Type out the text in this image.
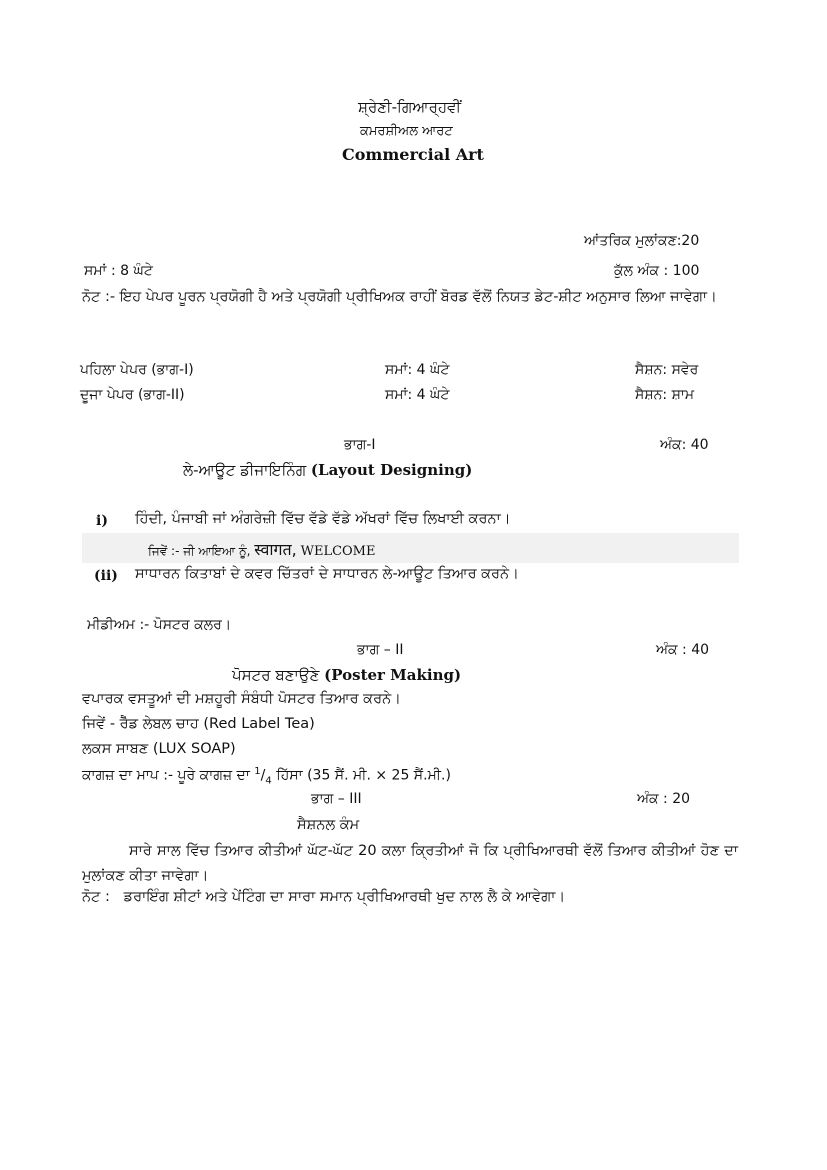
ਸ਼੍ਰੇਣੀ-ਗਿਆਰ੍ਹਵੀਂ
ਕਮਰਸ਼ੀਅਲ ਆਰਟ
Commercial Art
ਆਂਤਰਿਕ ਮੁਲਾਂਕਣ:20
ਸਮਾਂ : 8 ਘੰਟੇ	ਕੁੱਲ ਅੰਕ : 100
ਨੋਟ :- ਇਹ ਪੇਪਰ ਪੂਰਨ ਪ੍ਰਯੋਗੀ ਹੈ ਅਤੇ ਪ੍ਰਯੋਗੀ ਪ੍ਰੀਖਿਅਕ ਰਾਹੀਂ ਬੋਰਡ ਵੱਲੋਂ ਨਿਯਤ ਡੇਟ-ਸ਼ੀਟ ਅਨੁਸਾਰ ਲਿਆ ਜਾਵੇਗਾ।
ਪਹਿਲਾ ਪੇਪਰ (ਭਾਗ-I)	ਸਮਾਂ: 4 ਘੰਟੇ	ਸੈਸ਼ਨ: ਸਵੇਰ
ਦੂਜਾ ਪੇਪਰ (ਭਾਗ-II)	ਸਮਾਂ: 4 ਘੰਟੇ	ਸੈਸ਼ਨ: ਸ਼ਾਮ
ਭਾਗ-I	ਅੰਕ: 40
ਲੇ-ਆਊਟ ਡੀਜਾਇਨਿੰਗ (Layout Designing)
i) ਹਿੰਦੀ, ਪੰਜਾਬੀ ਜਾਂ ਅੰਗਰੇਜ਼ੀ ਵਿੱਚ ਵੱਡੇ ਵੱਡੇ ਅੱਖਰਾਂ ਵਿੱਚ ਲਿਖਾਈ ਕਰਨਾ।
ਜਿਵੇਂ :- ਜੀ ਆਇਆ ਨੂੰ, स्वागत, WELCOME
(ii) ਸਾਧਾਰਨ ਕਿਤਾਬਾਂ ਦੇ ਕਵਰ ਚਿੱਤਰਾਂ ਦੇ ਸਾਧਾਰਨ ਲੇ-ਆਊਟ ਤਿਆਰ ਕਰਨੇ।
ਮੀਡੀਅਮ :- ਪੋਸਟਰ ਕਲਰ।
ਭਾਗ – II	ਅੰਕ : 40
ਪੋਸਟਰ ਬਣਾਉਣੇ (Poster Making)
ਵਪਾਰਕ ਵਸਤੂਆਂ ਦੀ ਮਸ਼ਹੂਰੀ ਸੰਬੰਧੀ ਪੋਸਟਰ ਤਿਆਰ ਕਰਨੇ।
ਜਿਵੇਂ - ਰੈੱਡ ਲੇਬਲ ਚਾਹ (Red Label Tea)
ਲਕਸ ਸਾਬਣ (LUX SOAP)
ਕਾਗਜ਼ ਦਾ ਮਾਪ :- ਪੂਰੇ ਕਾਗਜ਼ ਦਾ $^1/_4$ ਹਿੱਸਾ (35 ਸੈਂ. ਮੀ. × 25 ਸੈਂ.ਮੀ.)
ਭਾਗ – III	ਅੰਕ : 20
ਸੈਸ਼ਨਲ ਕੰਮ
ਸਾਰੇ ਸਾਲ ਵਿੱਚ ਤਿਆਰ ਕੀਤੀਆਂ ਘੱਟ-ਘੱਟ 20 ਕਲਾ ਕ੍ਰਿਤੀਆਂ ਜੋ ਕਿ ਪ੍ਰੀਖਿਆਰਥੀ ਵੱਲੋਂ ਤਿਆਰ ਕੀਤੀਆਂ ਹੋਣ ਦਾ ਮੁਲਾਂਕਣ ਕੀਤਾ ਜਾਵੇਗਾ।
ਨੋਟ :   ਡਰਾਇੰਗ ਸ਼ੀਟਾਂ ਅਤੇ ਪੇਂਟਿੰਗ ਦਾ ਸਾਰਾ ਸਮਾਨ ਪ੍ਰੀਖਿਆਰਥੀ ਖੁਦ ਨਾਲ ਲੈ ਕੇ ਆਵੇਗਾ।
